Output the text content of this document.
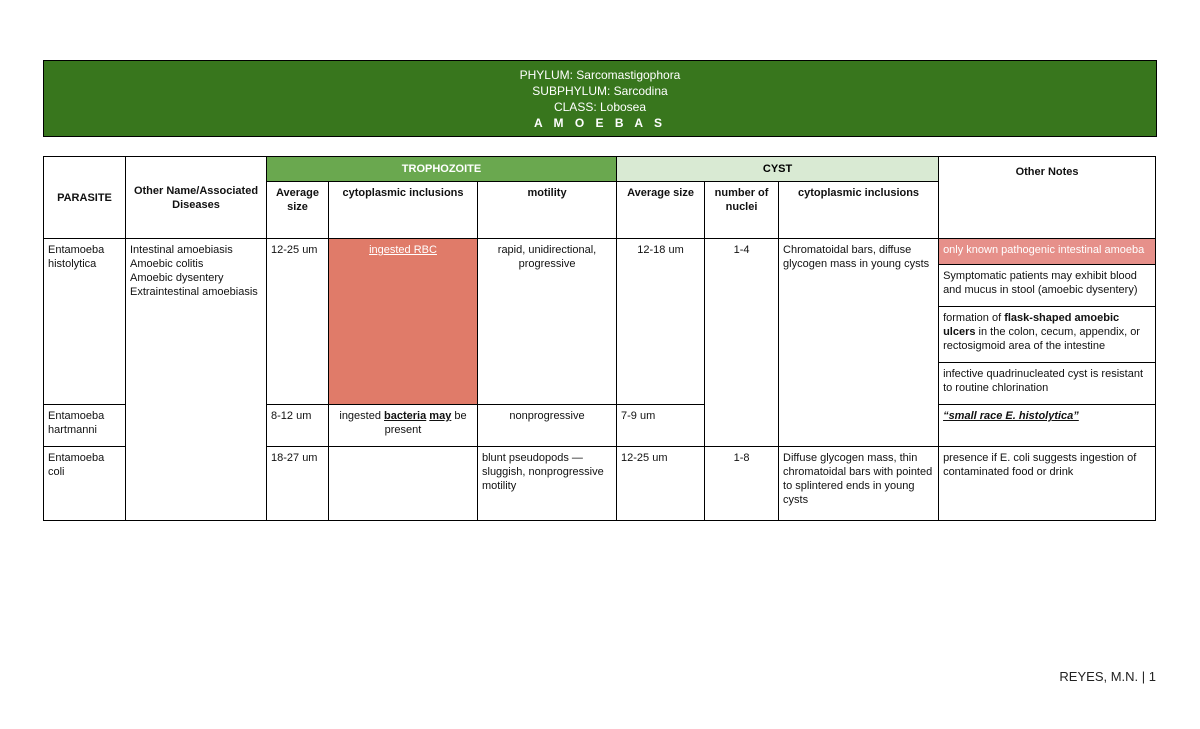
PHYLUM: Sarcomastigophora
SUBPHYLUM: Sarcodina
CLASS: Lobosea
A M O E B A S
PARASITE	Other Name/Associated Diseases	TROPHOZOITE			CYST			Other Notes
		Average size	cytoplasmic inclusions	motility	Average size	number of nuclei	cytoplasmic inclusions	
Entamoeba histolytica	Intestinal amoebiasis
Amoebic colitis
Amoebic dysentery
Extraintestinal amoebiasis	12-25 um	ingested RBC	rapid, unidirectional, progressive	12-18 um	1-4	Chromatoidal bars, diffuse glycogen mass in young cysts	only known pathogenic intestinal amoeba
								Symptomatic patients may exhibit blood and mucus in stool (amoebic dysentery)
								formation of flask-shaped amoebic ulcers in the colon, cecum, appendix, or rectosigmoid area of the intestine
								infective quadrinucleated cyst is resistant to routine chlorination
Entamoeba hartmanni		8-12 um	ingested bacteria may be present	nonprogressive	7-9 um			“small race E. histolytica”
Entamoeba coli		18-27 um		blunt pseudopods — sluggish, nonprogressive motility	12-25 um	1-8	Diffuse glycogen mass, thin chromatoidal bars with pointed to splintered ends in young cysts	presence if E. coli suggests ingestion of contaminated food or drink
REYES, M.N. | 1
